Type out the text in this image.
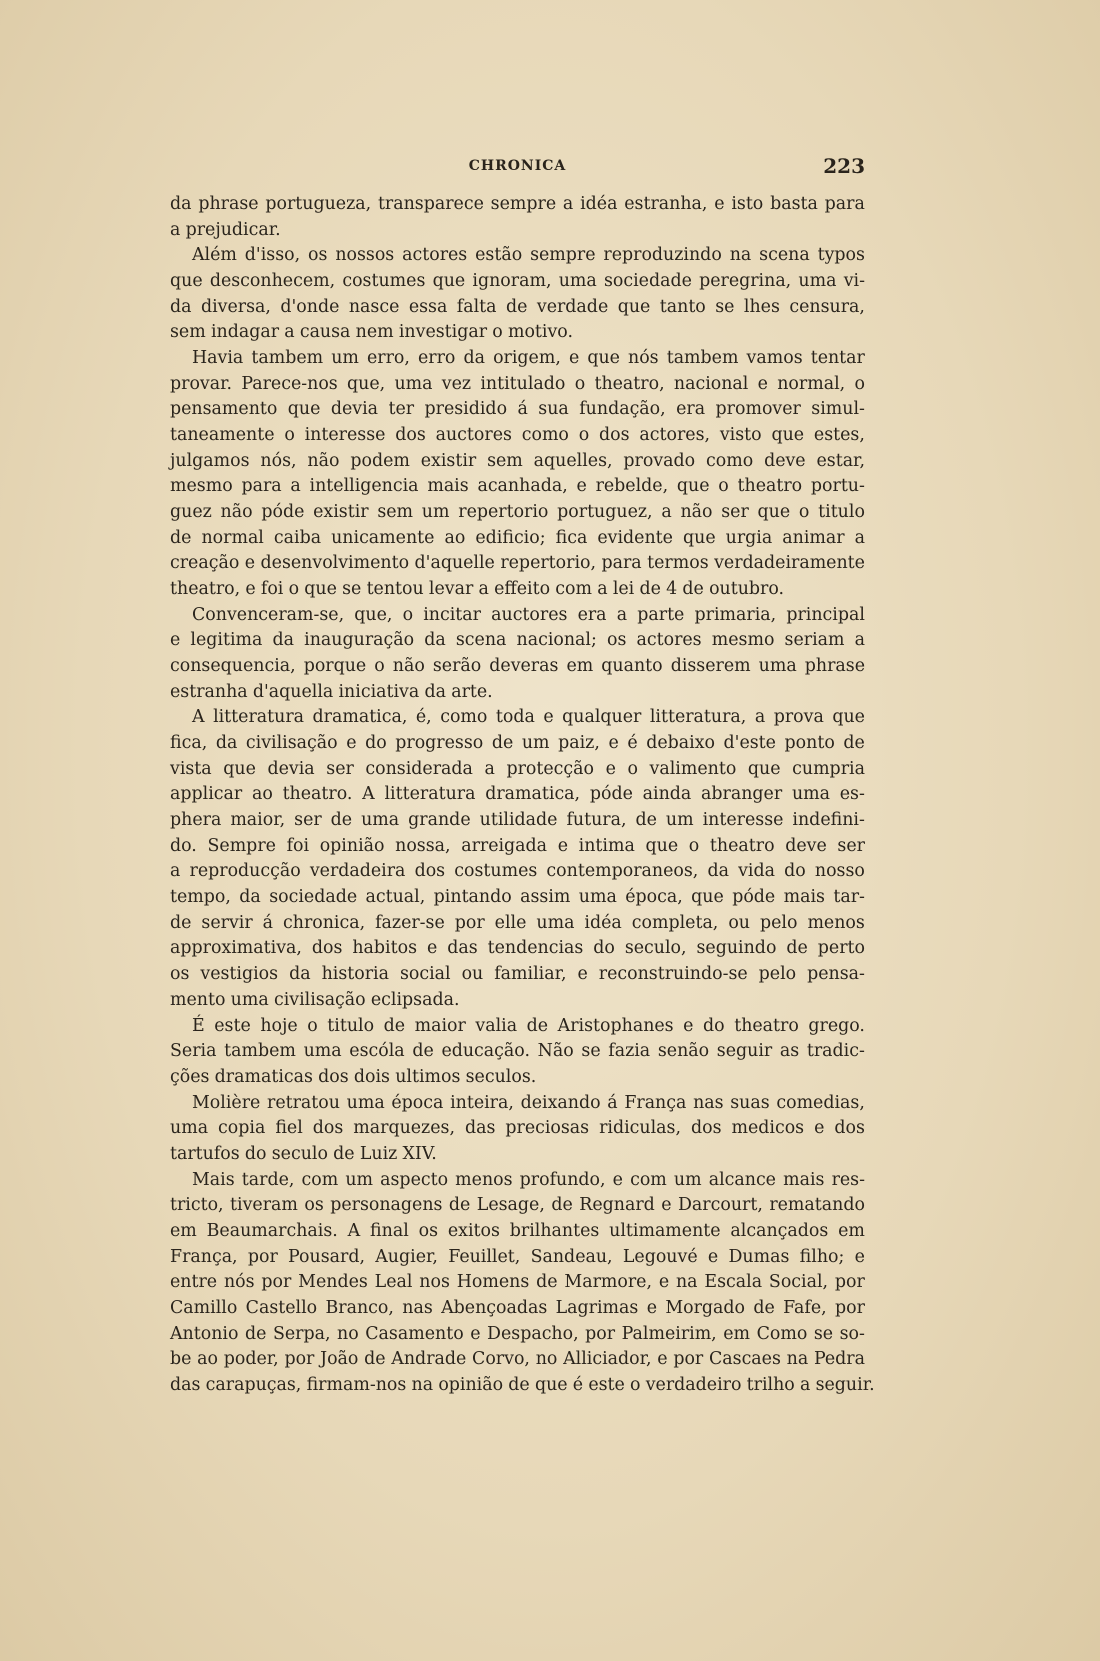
CHRONICA	223
da phrase portugueza, transparece sempre a idéa estranha, e isto basta para
a prejudicar.
Além d'isso, os nossos actores estão sempre reproduzindo na scena typos
que desconhecem, costumes que ignoram, uma sociedade peregrina, uma vi-
da diversa, d'onde nasce essa falta de verdade que tanto se lhes censura,
sem indagar a causa nem investigar o motivo.
Havia tambem um erro, erro da origem, e que nós tambem vamos tentar
provar. Parece-nos que, uma vez intitulado o theatro, nacional e normal, o
pensamento que devia ter presidido á sua fundação, era promover simul-
taneamente o interesse dos auctores como o dos actores, visto que estes,
julgamos nós, não podem existir sem aquelles, provado como deve estar,
mesmo para a intelligencia mais acanhada, e rebelde, que o theatro portu-
guez não póde existir sem um repertorio portuguez, a não ser que o titulo
de normal caiba unicamente ao edificio; fica evidente que urgia animar a
creação e desenvolvimento d'aquelle repertorio, para termos verdadeiramente
theatro, e foi o que se tentou levar a effeito com a lei de 4 de outubro.
Convenceram-se, que, o incitar auctores era a parte primaria, principal
e legitima da inauguração da scena nacional; os actores mesmo seriam a
consequencia, porque o não serão deveras em quanto disserem uma phrase
estranha d'aquella iniciativa da arte.
A litteratura dramatica, é, como toda e qualquer litteratura, a prova que
fica, da civilisação e do progresso de um paiz, e é debaixo d'este ponto de
vista que devia ser considerada a protecção e o valimento que cumpria
applicar ao theatro. A litteratura dramatica, póde ainda abranger uma es-
phera maior, ser de uma grande utilidade futura, de um interesse indefini-
do. Sempre foi opinião nossa, arreigada e intima que o theatro deve ser
a reproducção verdadeira dos costumes contemporaneos, da vida do nosso
tempo, da sociedade actual, pintando assim uma época, que póde mais tar-
de servir á chronica, fazer-se por elle uma idéa completa, ou pelo menos
approximativa, dos habitos e das tendencias do seculo, seguindo de perto
os vestigios da historia social ou familiar, e reconstruindo-se pelo pensa-
mento uma civilisação eclipsada.
É este hoje o titulo de maior valia de Aristophanes e do theatro grego.
Seria tambem uma escóla de educação. Não se fazia senão seguir as tradic-
ções dramaticas dos dois ultimos seculos.
Molière retratou uma época inteira, deixando á França nas suas comedias,
uma copia fiel dos marquezes, das preciosas ridiculas, dos medicos e dos
tartufos do seculo de Luiz XIV.
Mais tarde, com um aspecto menos profundo, e com um alcance mais res-
tricto, tiveram os personagens de Lesage, de Regnard e Darcourt, rematando
em Beaumarchais. A final os exitos brilhantes ultimamente alcançados em
França, por Pousard, Augier, Feuillet, Sandeau, Legouvé e Dumas filho; e
entre nós por Mendes Leal nos Homens de Marmore, e na Escala Social, por
Camillo Castello Branco, nas Abençoadas Lagrimas e Morgado de Fafe, por
Antonio de Serpa, no Casamento e Despacho, por Palmeirim, em Como se so-
be ao poder, por João de Andrade Corvo, no Alliciador, e por Cascaes na Pedra
das carapuças, firmam-nos na opinião de que é este o verdadeiro trilho a seguir.
